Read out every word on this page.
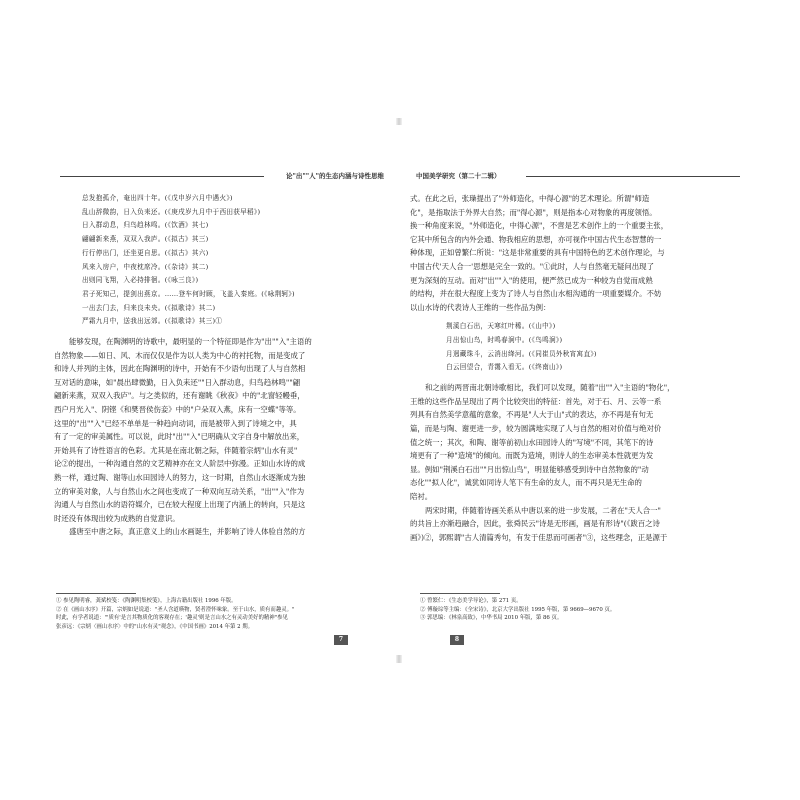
论"出""人"的生态内涵与诗性思维
总发抱孤介，奄出四十年。(《戊申岁六月中遇火》)
乱山辞微韵，日入负耒还。(《庚戌岁九月中于西田获早稻》)
日入群动息，归鸟趋林鸣。(《饮酒》其七)
翩翩新来燕，双双入我庐。(《拟古》其三)
行行停出门，还坐更自思。(《拟古》其六)
风来入房户，中夜枕席冷。(《杂诗》其二)
出则同飞翔，入必持排徊。(《咏三良》)
君子死知己，提剑出燕京。……登车何时顾，飞盖入秦庭。(《咏荆轲》)
一出去门去，归来良未央。(《拟歌诗》其二)
严霜九月中，送我出远郊。(《拟歌诗》其三)①

能够发现，在陶渊明的诗歌中，最明显的一个特征即是作为"出""入"主语的
自然物象——如日、风、木而仅仅是作为以人类为中心的衬托物，而是变成了
和诗人并列的主体，因此在陶渊明的诗中，开始有不少语句出现了人与自然相
互对话的意味，如"晨出肆微勤，日入负耒还""日入群动息，归鸟趋林鸣""翩
翩新来燕，双双入我庐"。与之类似的，还有谢眺《秋夜》中的"北窗轻幔垂，
西户月光入"、阴铿《和樊晋侯伤妾》中的"户朵双入燕，床有一空蝶"等等。
这里的"出""入"已经不单单是一种趋向动词，而是被带入到了诗境之中，具
有了一定的审美属性。可以说，此时"出""入"已明确从文字自身中解放出来，
开始具有了诗性语言的色彩。尤其是在南北朝之际，伴随着宗炳"山水有灵"
论②的提出，一种沟通自然的文艺精神亦在文人阶层中弥漫。正如山水诗的成
熟一样，通过陶、谢等山水田园诗人的努力，这一时期，自然山水逐渐成为独
立的审美对象，人与自然山水之间也变成了一种双向互动关系，"出""入"作为
沟通人与自然山水的语符媒介，已在较大程度上出现了内涵上的转向，只是这
时还没有体现出较为成熟的自觉意识。

盛唐至中唐之际，真正意义上的山水画诞生，并影响了诗人体验自然的方

① 参见陶明睿，龚斌校笺：《陶渊明集校笺》，上海古籍出版社 1996 年版。
② 在《画山水序》开篇，宗炳如是说道："圣人含道暎物，贤者澄怀味象。至于山水，质有而趣灵。"
时此，有学者说道："'质有'是言其物质化的客观存在；'趣灵'则是言山水之有灵动美好的精神"参见
张彦远：《宗炳〈画山水序〉中的"山水有灵"观念》，《中国书画》2014 年第 2 期。
7
中国美学研究（第二十二辑）

式。在此之后，张璪提出了"外师造化，中得心源"的艺术理论。所谓"师造
化"，是指取法于外界大自然；而"得心源"，则是指本心对物象的再度领悟。
换一种角度来说，"外师造化，中得心源"，不啻是艺术创作上的一个重要主张，
它其中所包含的内外会通、物我相应的思想，亦可视作中国古代生态智慧的一
种体现，正如曾繁仁所说："这是非常重要的具有中国特色的艺术创作理论，与
中国古代'天人合一'思想是完全一致的。"①此时，人与自然毫无疑问出现了
更为深刻的互动。而对"出""入"的使用，便严然已成为一种较为自觉而成熟
的结构，并在很大程度上变为了诗人与自然山水相沟通的一项重要媒介。不妨
以山水诗的代表诗人王维的一些作品为例：

荆溪白石出，天寒红叶稀。(《山中》)
月出惊山鸟，时鸣春涧中。(《鸟鸣涧》)
月迥藏珠斗，云消出绛河。(《同崔员外秋宵寓直》)
白云回望合，青霭入看无。(《终南山》)

和之前的两晋南北朝诗歌相比，我们可以发现，随着"出""入"主语的"物化"，
王维的这些作品呈现出了两个比较突出的特征：首先，对于石、月、云等一系
列具有自然美学意蕴的意象，不再是"人大于山"式的表达，亦不再是有句无
篇，而是与陶、谢更进一步，较为圆满地实现了人与自然的相对价值与绝对价
值之统一；其次，和陶、谢等前初山水田园诗人的"写境"不同，其笔下的诗
境更有了一种"造境"的倾向。而既为造境，则诗人的生态审美本性就更为发
显。例如"荆溪白石出""月出惊山鸟"，明显能够感受到诗中自然物象的"动
态化""拟人化"，诚犹如同诗人笔下有生命的友人，而不再只是无生命的
陪衬。

两宋时期，伴随着诗画关系从中唐以来的进一步发展，二者在"天人合一"
的共旨上亦渐趋融合，因此，张舜民云"诗是无形画，画是有形诗"(《跋百之诗
画》)②，郭熙谓"古人清篇秀句，有发于佳思而可画者"③，这些理念，正是源于

① 曾繁仁：《生态美学导论》，第 271 页。
② 傅璇琮等主编：《全宋诗》，北京大学出版社 1995 年版，第 9669—9670 页。
③ 郭思编：《林泉高致》，中华书局 2010 年版，第 86 页。
8
